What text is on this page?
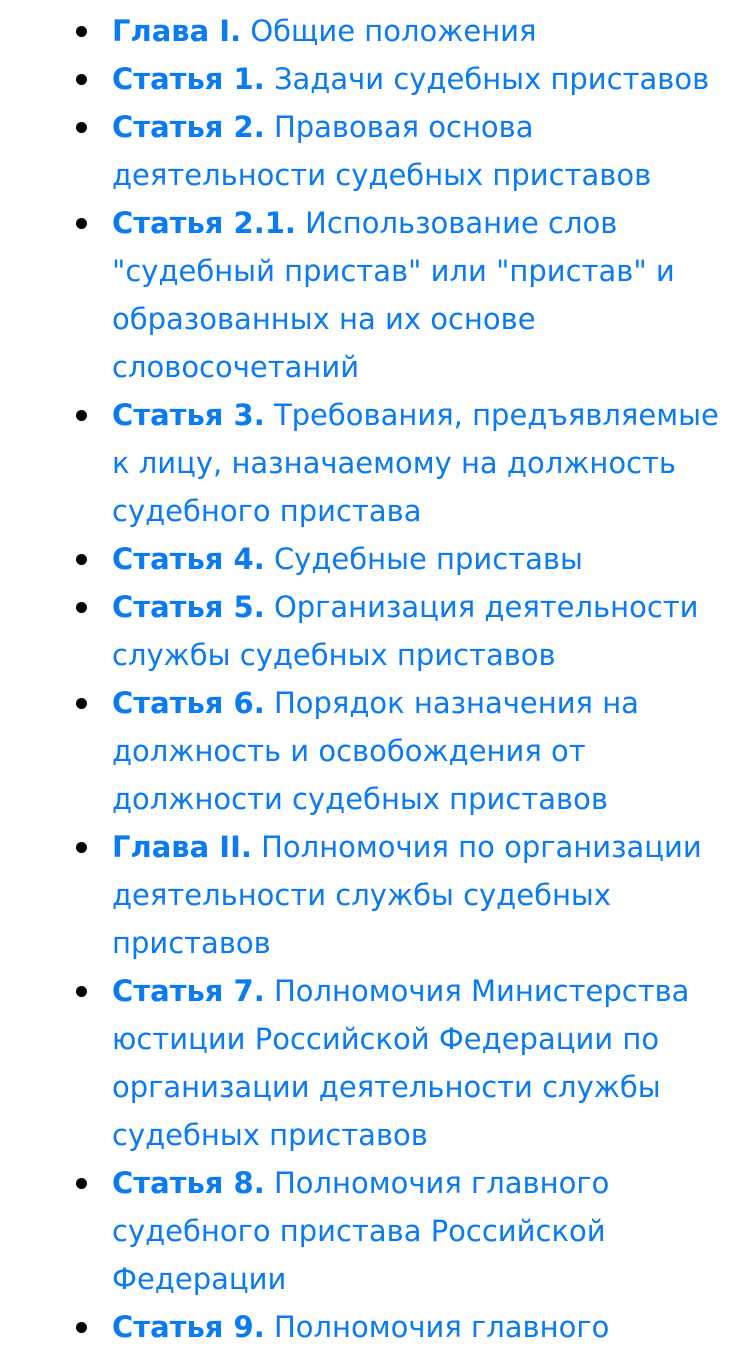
Глава I. Общие положения
Статья 1. Задачи судебных приставов
Статья 2. Правовая основа деятельности судебных приставов
Статья 2.1. Использование слов "судебный пристав" или "пристав" и образованных на их основе словосочетаний
Статья 3. Требования, предъявляемые к лицу, назначаемому на должность судебного пристава
Статья 4. Судебные приставы
Статья 5. Организация деятельности службы судебных приставов
Статья 6. Порядок назначения на должность и освобождения от должности судебных приставов
Глава II. Полномочия по организации деятельности службы судебных приставов
Статья 7. Полномочия Министерства юстиции Российской Федерации по организации деятельности службы судебных приставов
Статья 8. Полномочия главного судебного пристава Российской Федерации
Статья 9. Полномочия главного
